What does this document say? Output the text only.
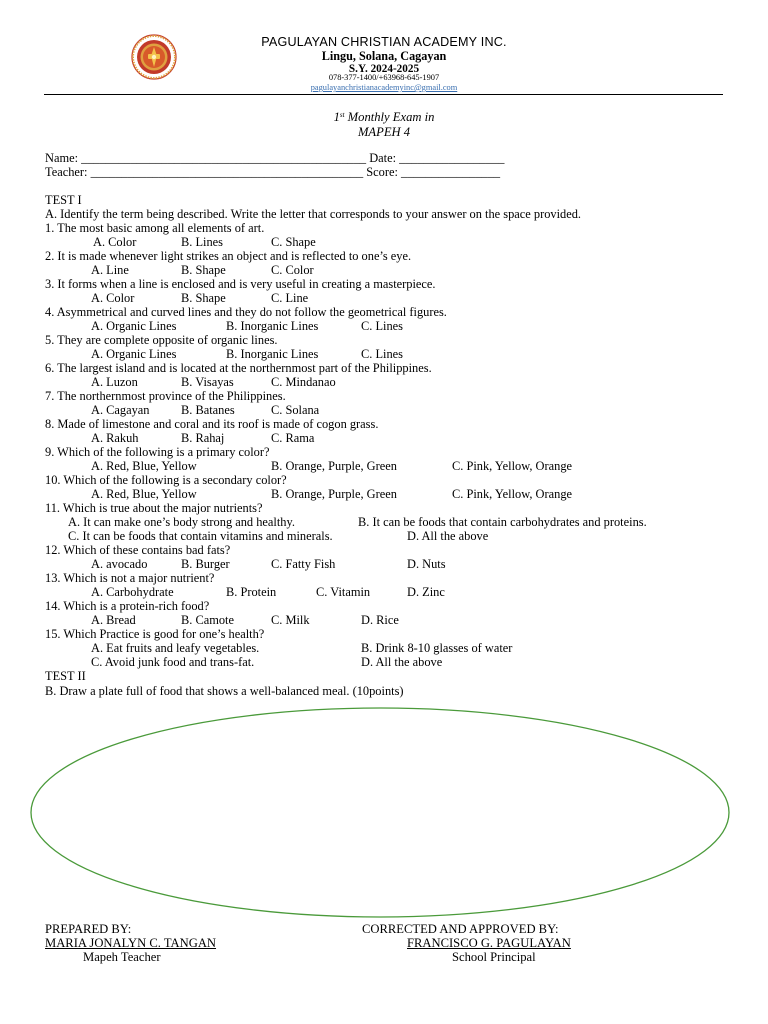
PAGULAYAN CHRISTIAN ACADEMY INC.
Lingu, Solana, Cagayan
S.Y. 2024-2025
078-377-1400/+63968-645-1907
pagulayanchristianacademyinc@gmail.com
1st Monthly Exam in
MAPEH 4
Name: ______________________________________________ Date: _________________
Teacher: ____________________________________________ Score: ________________
TEST I
A. Identify the term being described. Write the letter that corresponds to your answer on the space provided.
1. The most basic among all elements of art.
A. Color	B. Lines	C. Shape
2. It is made whenever light strikes an object and is reflected to one’s eye.
A. Line	B. Shape	C. Color
3. It forms when a line is enclosed and is very useful in creating a masterpiece.
A. Color	B. Shape	C. Line
4. Asymmetrical and curved lines and they do not follow the geometrical figures.
A. Organic Lines	B. Inorganic Lines	C. Lines
5. They are complete opposite of organic lines.
A. Organic Lines	B. Inorganic Lines	C. Lines
6. The largest island and is located at the northernmost part of the Philippines.
A. Luzon	B. Visayas	C. Mindanao
7. The northernmost province of the Philippines.
A. Cagayan	B. Batanes	C. Solana
8. Made of limestone and coral and its roof is made of cogon grass.
A. Rakuh	B. Rahaj	C. Rama
9. Which of the following is a primary color?
A. Red, Blue, Yellow	B. Orange, Purple, Green	C. Pink, Yellow, Orange
10. Which of the following is a secondary color?
A. Red, Blue, Yellow	B. Orange, Purple, Green	C. Pink, Yellow, Orange
11. Which is true about the major nutrients?
A. It can make one’s body strong and healthy.	B. It can be foods that contain carbohydrates and proteins.
C. It can be foods that contain vitamins and minerals.	D. All the above
12. Which of these contains bad fats?
A. avocado	B. Burger	C. Fatty Fish	D. Nuts
13. Which is not a major nutrient?
A. Carbohydrate	B. Protein	C. Vitamin	D. Zinc
14. Which is a protein-rich food?
A. Bread	B. Camote	C. Milk	D. Rice
15. Which Practice is good for one’s health?
A. Eat fruits and leafy vegetables.	B. Drink 8-10 glasses of water
C. Avoid junk food and trans-fat.	D. All the above
TEST II
B. Draw a plate full of food that shows a well-balanced meal. (10points)
PREPARED BY:
MARIA JONALYN C. TANGAN
Mapeh Teacher
CORRECTED AND APPROVED BY:
FRANCISCO G. PAGULAYAN
School Principal
